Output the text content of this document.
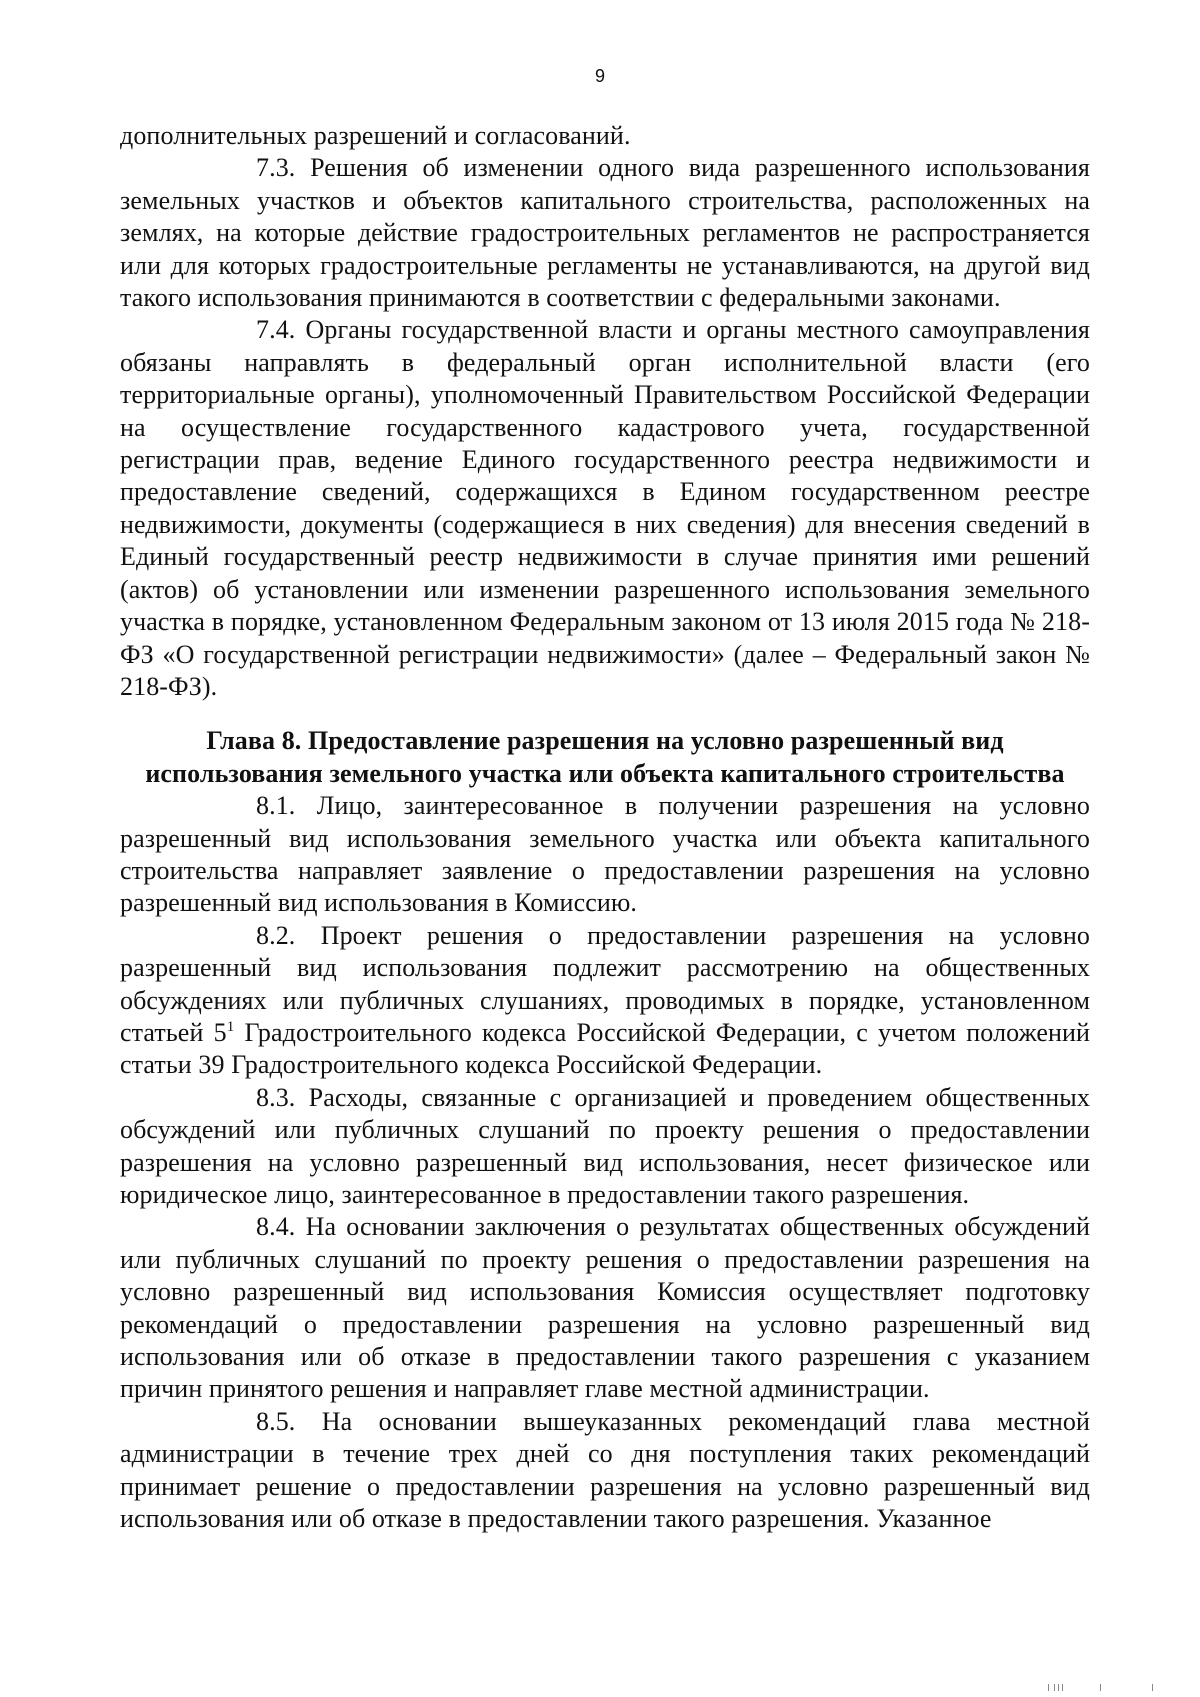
9

дополнительных разрешений и согласований.

7.3. Решения об изменении одного вида разрешенного использования земельных участков и объектов капитального строительства, расположенных на землях, на которые действие градостроительных регламентов не распространяется или для которых градостроительные регламенты не устанавливаются, на другой вид такого использования принимаются в соответствии с федеральными законами.

7.4. Органы государственной власти и органы местного самоуправления обязаны направлять в федеральный орган исполнительной власти (его территориальные органы), уполномоченный Правительством Российской Федерации на осуществление государственного кадастрового учета, государственной регистрации прав, ведение Единого государственного реестра недвижимости и предоставление сведений, содержащихся в Едином государственном реестре недвижимости, документы (содержащиеся в них сведения) для внесения сведений в Единый государственный реестр недвижимости в случае принятия ими решений (актов) об установлении или изменении разрешенного использования земельного участка в порядке, установленном Федеральным законом от 13 июля 2015 года № 218-ФЗ «О государственной регистрации недвижимости» (далее – Федеральный закон № 218-ФЗ).

Глава 8. Предоставление разрешения на условно разрешенный вид
использования земельного участка или объекта капитального строительства

8.1. Лицо, заинтересованное в получении разрешения на условно разрешенный вид использования земельного участка или объекта капитального строительства направляет заявление о предоставлении разрешения на условно разрешенный вид использования в Комиссию.

8.2. Проект решения о предоставлении разрешения на условно разрешенный вид использования подлежит рассмотрению на общественных обсуждениях или публичных слушаниях, проводимых в порядке, установленном статьей $5^1$ Градостроительного кодекса Российской Федерации, с учетом положений статьи 39 Градостроительного кодекса Российской Федерации.

8.3. Расходы, связанные с организацией и проведением общественных обсуждений или публичных слушаний по проекту решения о предоставлении разрешения на условно разрешенный вид использования, несет физическое или юридическое лицо, заинтересованное в предоставлении такого разрешения.

8.4. На основании заключения о результатах общественных обсуждений или публичных слушаний по проекту решения о предоставлении разрешения на условно разрешенный вид использования Комиссия осуществляет подготовку рекомендаций о предоставлении разрешения на условно разрешенный вид использования или об отказе в предоставлении такого разрешения с указанием причин принятого решения и направляет главе местной администрации.

8.5. На основании вышеуказанных рекомендаций глава местной администрации в течение трех дней со дня поступления таких рекомендаций принимает решение о предоставлении разрешения на условно разрешенный вид использования или об отказе в предоставлении такого разрешения. Указанное
